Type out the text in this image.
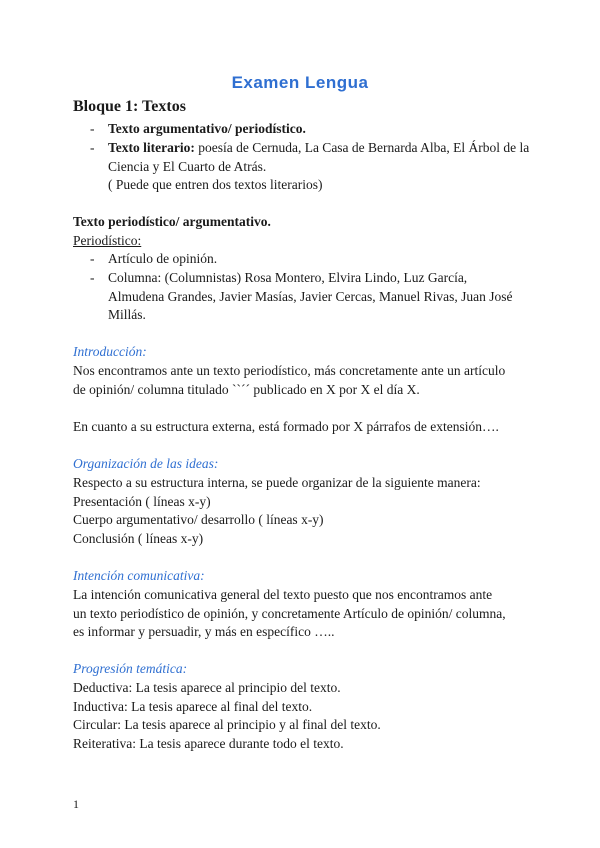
Examen Lengua
Bloque 1: Textos
- Texto argumentativo/ periodístico.
- Texto literario: poesía de Cernuda, La Casa de Bernarda Alba, El Árbol de la Ciencia y El Cuarto de Atrás.
( Puede que entren dos textos literarios)
Texto periodístico/ argumentativo.
Periodístico:
- Artículo de opinión.
- Columna: (Columnistas) Rosa Montero, Elvira Lindo, Luz García, Almudena Grandes, Javier Masías, Javier Cercas, Manuel Rivas, Juan José Millás.
Introducción:
Nos encontramos ante un texto periodístico, más concretamente ante un artículo
de opinión/ columna titulado ``´´ publicado en X por X el día X.
En cuanto a su estructura externa, está formado por X párrafos de extensión….
Organización de las ideas:
Respecto a su estructura interna, se puede organizar de la siguiente manera:
Presentación ( líneas x-y)
Cuerpo argumentativo/ desarrollo ( líneas x-y)
Conclusión ( líneas x-y)
Intención comunicativa:
La intención comunicativa general del texto puesto que nos encontramos ante
un texto periodístico de opinión, y concretamente Artículo de opinión/ columna,
es informar y persuadir, y más en específico …..
Progresión temática:
Deductiva: La tesis aparece al principio del texto.
Inductiva: La tesis aparece al final del texto.
Circular: La tesis aparece al principio y al final del texto.
Reiterativa: La tesis aparece durante todo el texto.
1
